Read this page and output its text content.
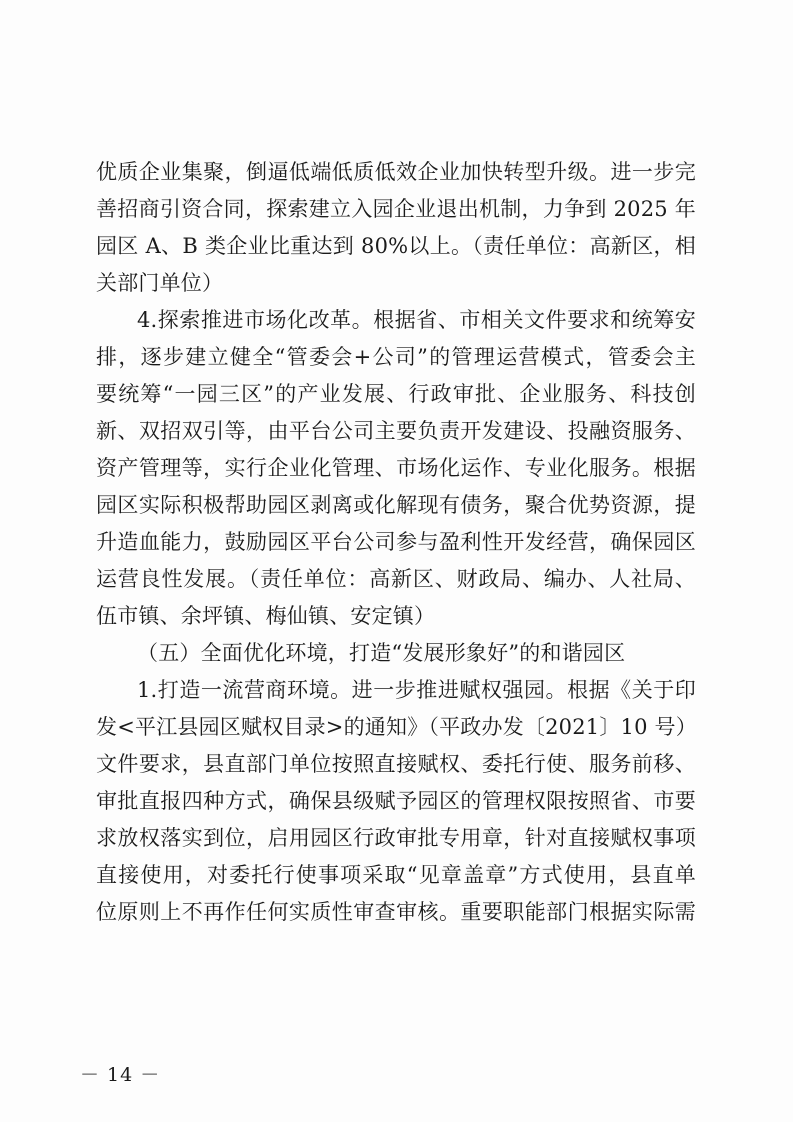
优质企业集聚，倒逼低端低质低效企业加快转型升级。进一步完
善招商引资合同，探索建立入园企业退出机制，力争到 2025 年
园区 A、B 类企业比重达到 80%以上。（责任单位：高新区，相
关部门单位）
4.探索推进市场化改革。根据省、市相关文件要求和统筹安
排，逐步建立健全“管委会+公司”的管理运营模式，管委会主
要统筹“一园三区”的产业发展、行政审批、企业服务、科技创
新、双招双引等，由平台公司主要负责开发建设、投融资服务、
资产管理等，实行企业化管理、市场化运作、专业化服务。根据
园区实际积极帮助园区剥离或化解现有债务，聚合优势资源，提
升造血能力，鼓励园区平台公司参与盈利性开发经营，确保园区
运营良性发展。（责任单位：高新区、财政局、编办、人社局、
伍市镇、余坪镇、梅仙镇、安定镇）
（五）全面优化环境，打造“发展形象好”的和谐园区
1.打造一流营商环境。进一步推进赋权强园。根据《关于印
发<平江县园区赋权目录>的通知》（平政办发〔2021〕10 号）
文件要求，县直部门单位按照直接赋权、委托行使、服务前移、
审批直报四种方式，确保县级赋予园区的管理权限按照省、市要
求放权落实到位，启用园区行政审批专用章，针对直接赋权事项
直接使用，对委托行使事项采取“见章盖章”方式使用，县直单
位原则上不再作任何实质性审查审核。重要职能部门根据实际需
－ 14 －
